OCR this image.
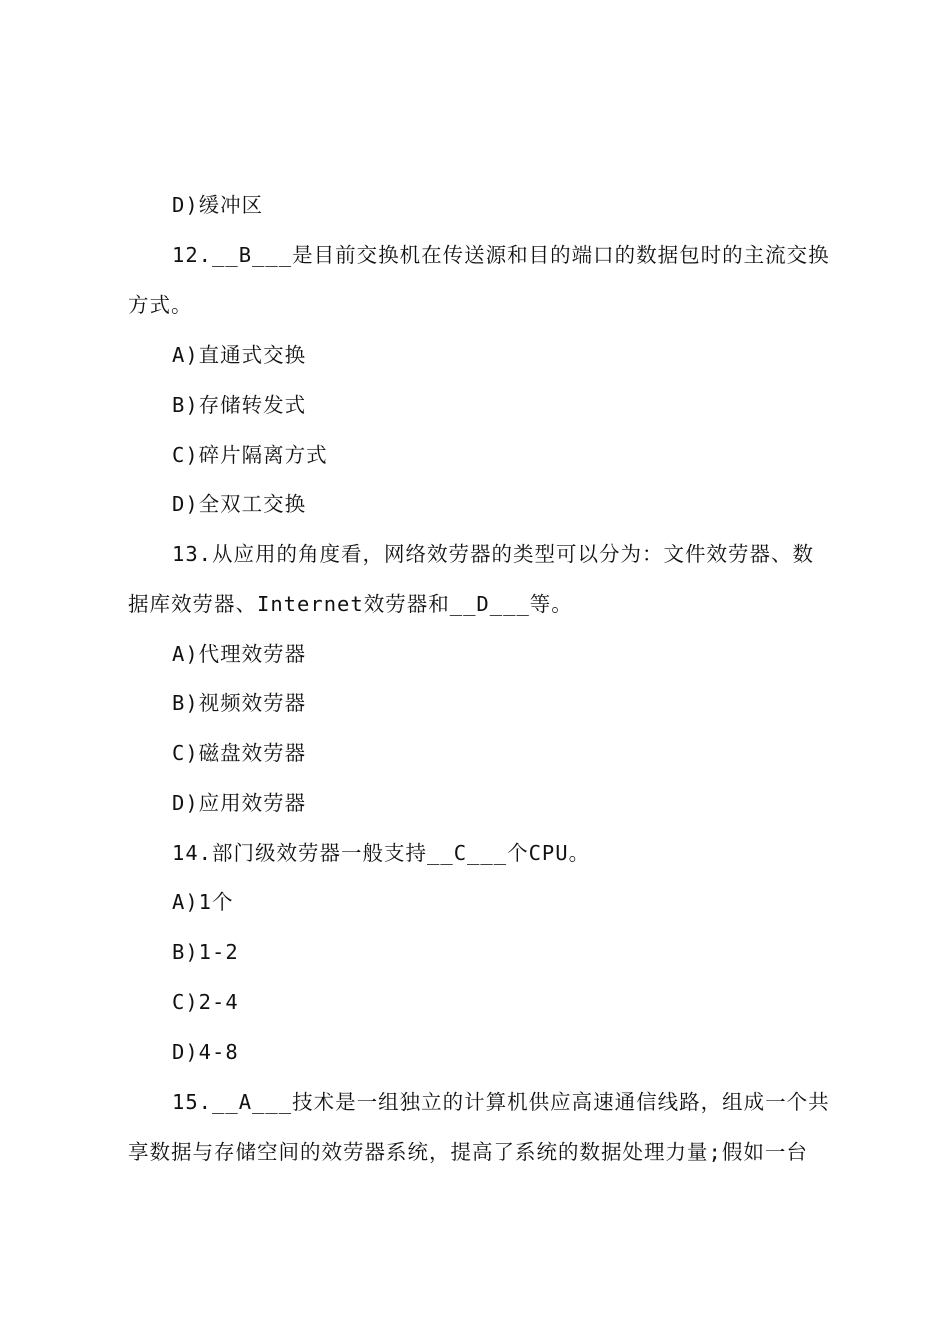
D)缓冲区
12.__B___是目前交换机在传送源和目的端口的数据包时的主流交换
方式。
A)直通式交换
B)存储转发式
C)碎片隔离方式
D)全双工交换
13.从应用的角度看，网络效劳器的类型可以分为：文件效劳器、数
据库效劳器、Internet效劳器和__D___等。
A)代理效劳器
B)视频效劳器
C)磁盘效劳器
D)应用效劳器
14.部门级效劳器一般支持__C___个CPU。
A)1个
B)1-2
C)2-4
D)4-8
15.__A___技术是一组独立的计算机供应高速通信线路，组成一个共
享数据与存储空间的效劳器系统，提高了系统的数据处理力量;假如一台
